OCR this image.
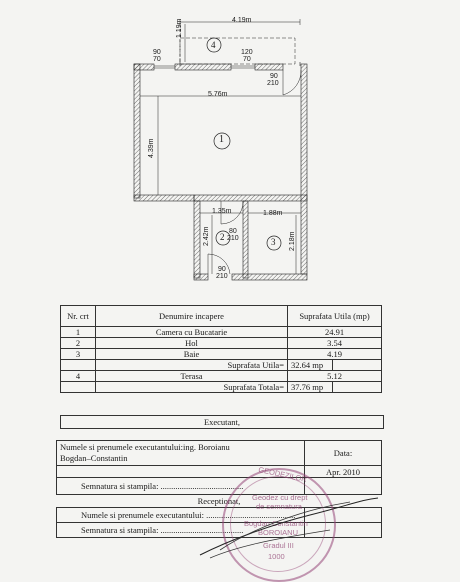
4.19m
1.19m
5.76m
4.39m
1.35m	1.88m
2.42m	2.18m
90
70
120
70
90
210
80
210
90
210
4
1
2	3
Nr. crt	Denumire incapere	Suprafata Utila (mp)	
1	Camera cu Bucatarie	24.91	
2	Hol	3.54	
3	Baie	4.19	
	Suprafata Utila=	32.64 mp	
4	Terasa	5.12	
	Suprafata Totala=	37.76 mp	
Executant,
Numele si prenumele executantului:ing. Boroianu
Bogdan–Constantin	Data:
	Apr. 2010
Semnatura si stampila: .......................................	
Receptionat,	
Numele si prenumele executantului: ..........................................	
Semnatura si stampila: .......................................	
GEODEZILOR
Geodez cu drept
de semnatura
Bogdan Constantin
BOROIANU
Gradul III
1000
